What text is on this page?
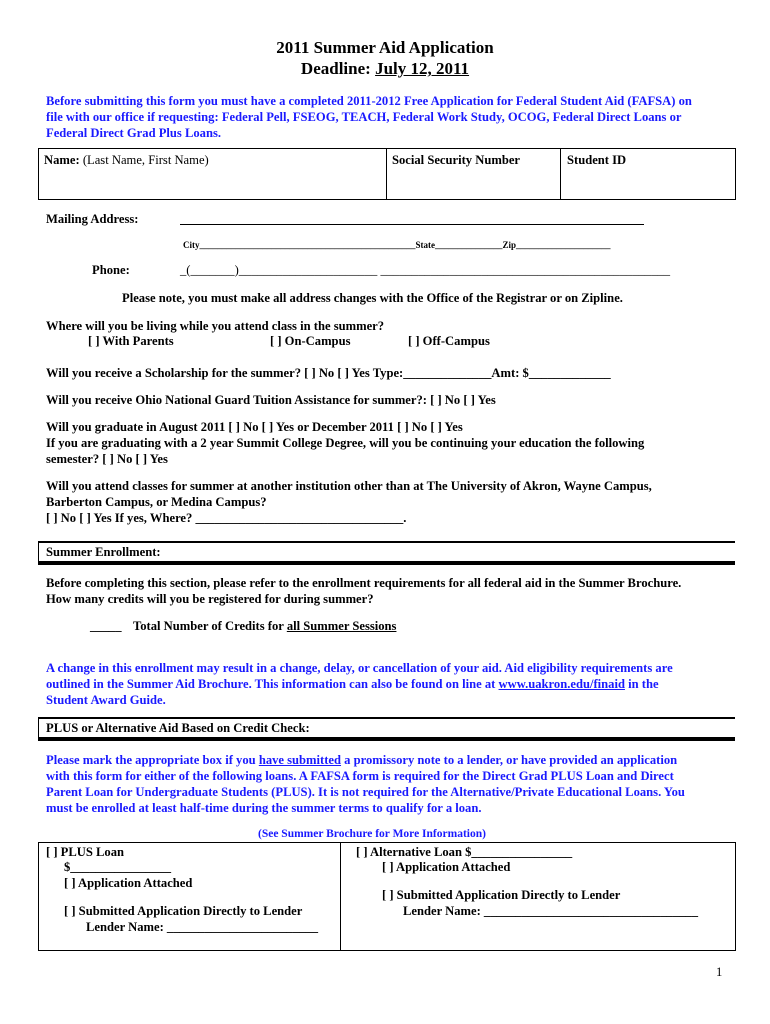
2011 Summer Aid Application
Deadline: July 12, 2011
Before submitting this form you must have a completed 2011-2012 Free Application for Federal Student Aid (FAFSA) on file with our office if requesting: Federal Pell, FSEOG, TEACH, Federal Work Study, OCOG, Federal Direct Loans or Federal Direct Grad Plus Loans.
Name: (Last Name, First Name)	Social Security Number	Student ID
Mailing Address:
City________________________________________________State_______________Zip_____________________
Phone:	_(_______)______________________ ______________________________________________
Please note, you must make all address changes with the Office of the Registrar or on Zipline.
Where will you be living while you attend class in the summer?
[ ] With Parents	[ ] On-Campus	[ ] Off-Campus
Will you receive a Scholarship for the summer? [ ] No [ ] Yes Type:______________Amt: $_____________
Will you receive Ohio National Guard Tuition Assistance for summer?: [ ] No [ ] Yes
Will you graduate in August 2011 [ ] No [ ] Yes or December 2011 [ ] No [ ] Yes
If you are graduating with a 2 year Summit College Degree, will you be continuing your education the following
semester? [ ] No [ ] Yes
Will you attend classes for summer at another institution other than at The University of Akron, Wayne Campus,
Barberton Campus, or Medina Campus?
[ ] No [ ] Yes If yes, Where? _________________________________.
Summer Enrollment:
Before completing this section, please refer to the enrollment requirements for all federal aid in the Summer Brochure.
How many credits will you be registered for during summer?
_____ Total Number of Credits for all Summer Sessions
A change in this enrollment may result in a change, delay, or cancellation of your aid. Aid eligibility requirements are
outlined in the Summer Aid Brochure. This information can also be found on line at www.uakron.edu/finaid in the
Student Award Guide.
PLUS or Alternative Aid Based on Credit Check:
Please mark the appropriate box if you have submitted a promissory note to a lender, or have provided an application
with this form for either of the following loans. A FAFSA form is required for the Direct Grad PLUS Loan and Direct
Parent Loan for Undergraduate Students (PLUS). It is not required for the Alternative/Private Educational Loans. You
must be enrolled at least half-time during the summer terms to qualify for a loan.
(See Summer Brochure for More Information)
[ ] PLUS Loan
$________________
[ ] Application Attached
[ ] Submitted Application Directly to Lender
Lender Name: ________________________
[ ] Alternative Loan $________________
[ ] Application Attached
[ ] Submitted Application Directly to Lender
Lender Name: __________________________________
1
